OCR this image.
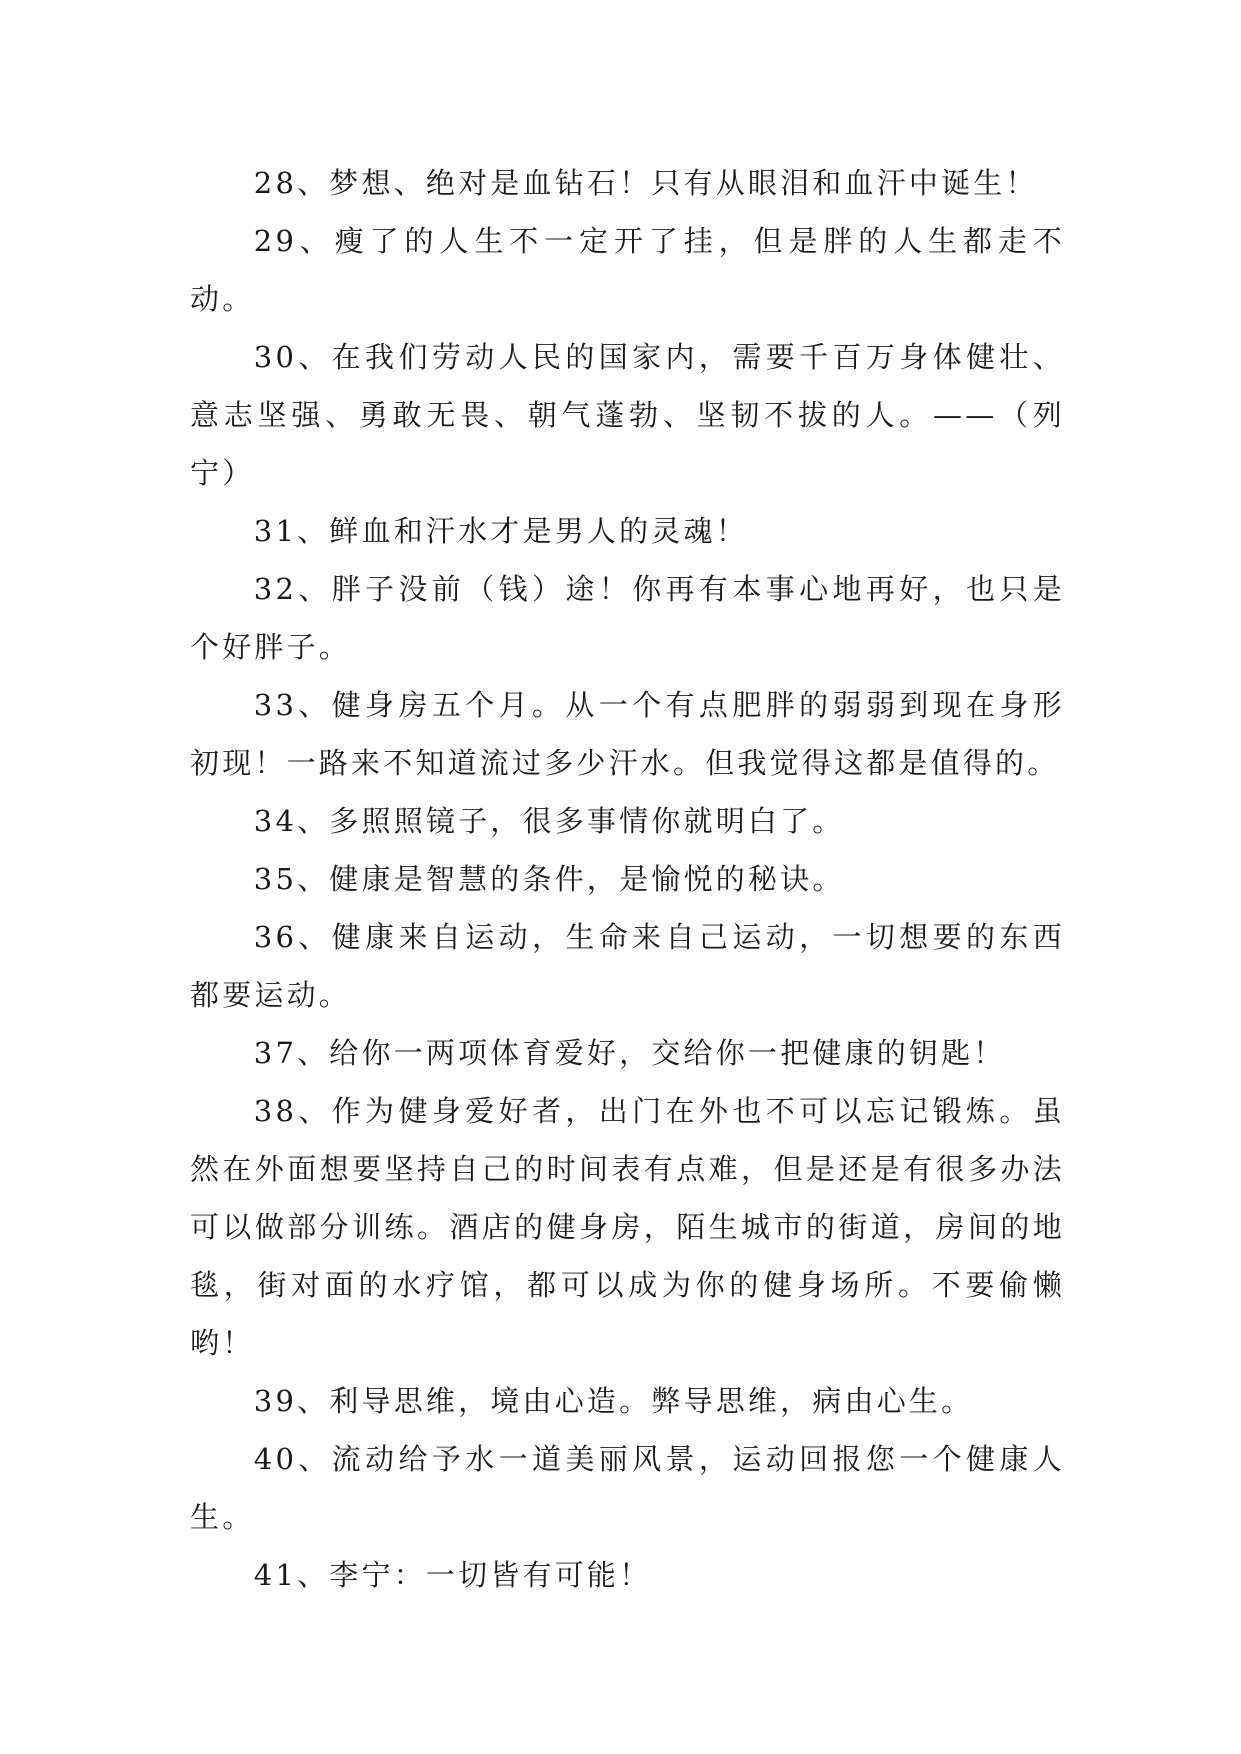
28、梦想、绝对是血钻石！只有从眼泪和血汗中诞生！

29、瘦了的人生不一定开了挂，但是胖的人生都走不动。

30、在我们劳动人民的国家内，需要千百万身体健壮、意志坚强、勇敢无畏、朝气蓬勃、坚韧不拔的人。——（列宁）

31、鲜血和汗水才是男人的灵魂！

32、胖子没前（钱）途！你再有本事心地再好，也只是个好胖子。

33、健身房五个月。从一个有点肥胖的弱弱到现在身形初现！一路来不知道流过多少汗水。但我觉得这都是值得的。

34、多照照镜子，很多事情你就明白了。

35、健康是智慧的条件，是愉悦的秘诀。

36、健康来自运动，生命来自己运动，一切想要的东西都要运动。

37、给你一两项体育爱好，交给你一把健康的钥匙！

38、作为健身爱好者，出门在外也不可以忘记锻炼。虽然在外面想要坚持自己的时间表有点难，但是还是有很多办法可以做部分训练。酒店的健身房，陌生城市的街道，房间的地毯，街对面的水疗馆，都可以成为你的健身场所。不要偷懒哟！

39、利导思维，境由心造。弊导思维，病由心生。

40、流动给予水一道美丽风景，运动回报您一个健康人生。

41、李宁：一切皆有可能！
